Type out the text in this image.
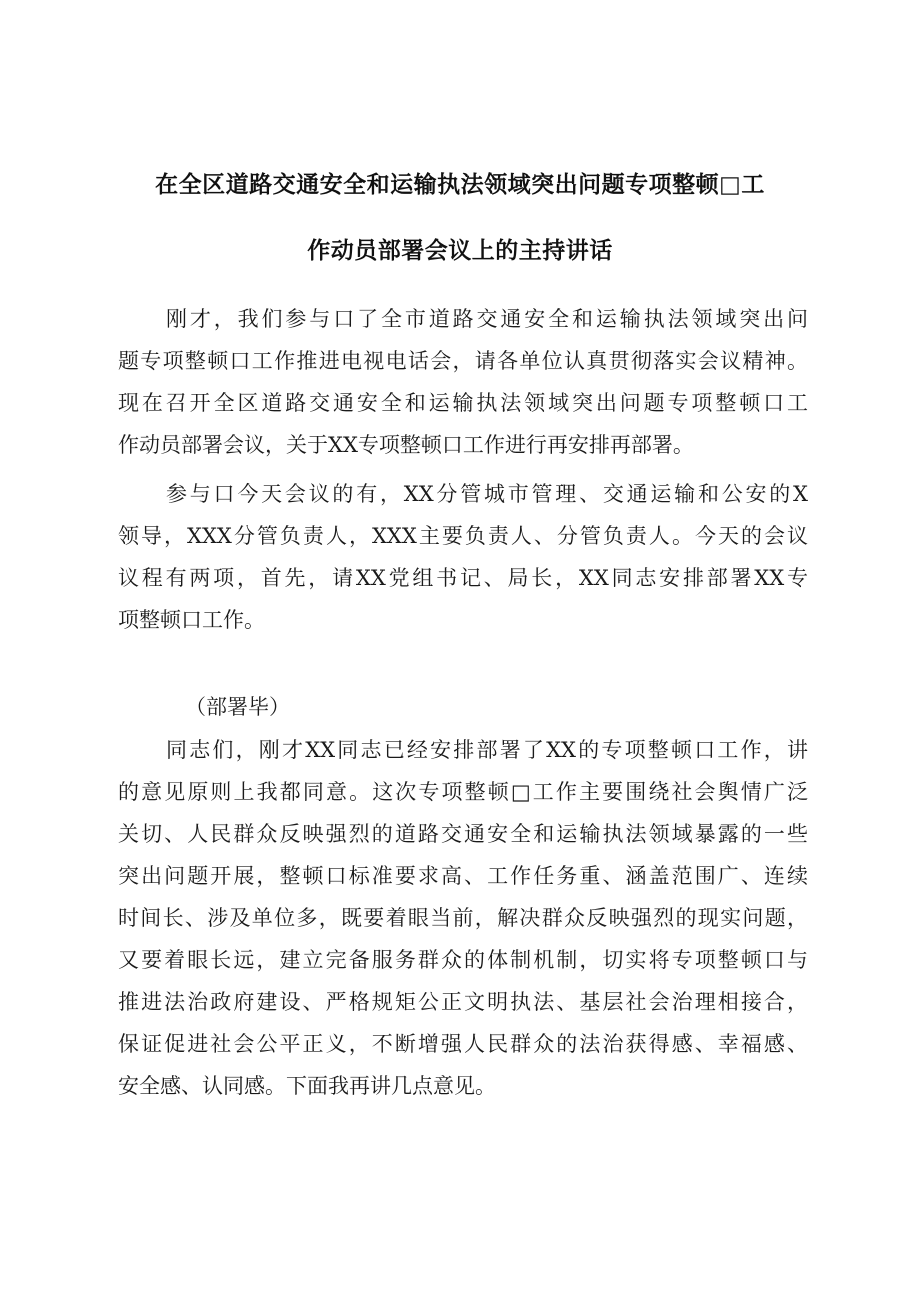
在全区道路交通安全和运输执法领域突出问题专项整顿□工
作动员部署会议上的主持讲话
刚才，我们参与口了全市道路交通安全和运输执法领域突出问
题专项整顿口工作推进电视电话会，请各单位认真贯彻落实会议精神。
现在召开全区道路交通安全和运输执法领域突出问题专项整顿口工
作动员部署会议，关于XX专项整顿口工作进行再安排再部署。
参与口今天会议的有，XX分管城市管理、交通运输和公安的X
领导，XXX分管负责人，XXX主要负责人、分管负责人。今天的会议
议程有两项，首先，请XX党组书记、局长，XX同志安排部署XX专
项整顿口工作。
（部署毕）
同志们，刚才XX同志已经安排部署了XX的专项整顿口工作，讲
的意见原则上我都同意。这次专项整顿□工作主要围绕社会舆情广泛
关切、人民群众反映强烈的道路交通安全和运输执法领域暴露的一些
突出问题开展，整顿口标准要求高、工作任务重、涵盖范围广、连续
时间长、涉及单位多，既要着眼当前，解决群众反映强烈的现实问题，
又要着眼长远，建立完备服务群众的体制机制，切实将专项整顿口与
推进法治政府建设、严格规矩公正文明执法、基层社会治理相接合，
保证促进社会公平正义，不断增强人民群众的法治获得感、幸福感、
安全感、认同感。下面我再讲几点意见。
